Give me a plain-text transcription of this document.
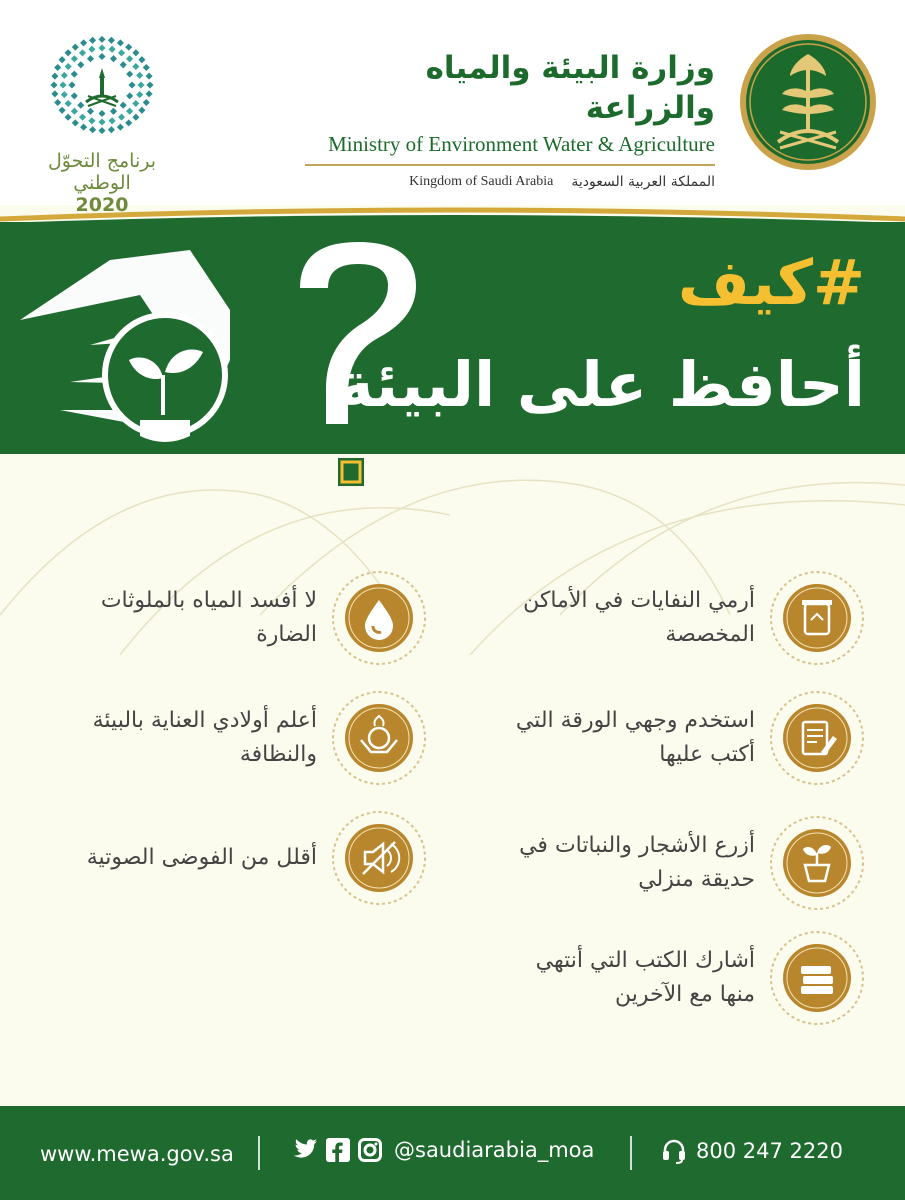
برنامج التحوّل الوطني
2020
وزارة البيئة والمياه والزراعة
Ministry of Environment Water & Agriculture
Kingdom of Saudi Arabia المملكة العربية السعودية
#كيف
أحافظ على البيئة
أرمي النفايات في الأماكن المخصصة
استخدم وجهي الورقة التي أكتب عليها
أزرع الأشجار والنباتات في حديقة منزلي
أشارك الكتب التي أنتهي منها مع الآخرين
لا أفسد المياه بالملوثات الضارة
أعلم أولادي العناية بالبيئة والنظافة
أقلل من الفوضى الصوتية
www.mewa.gov.sa	@saudiarabia_moa	800 247 2220
